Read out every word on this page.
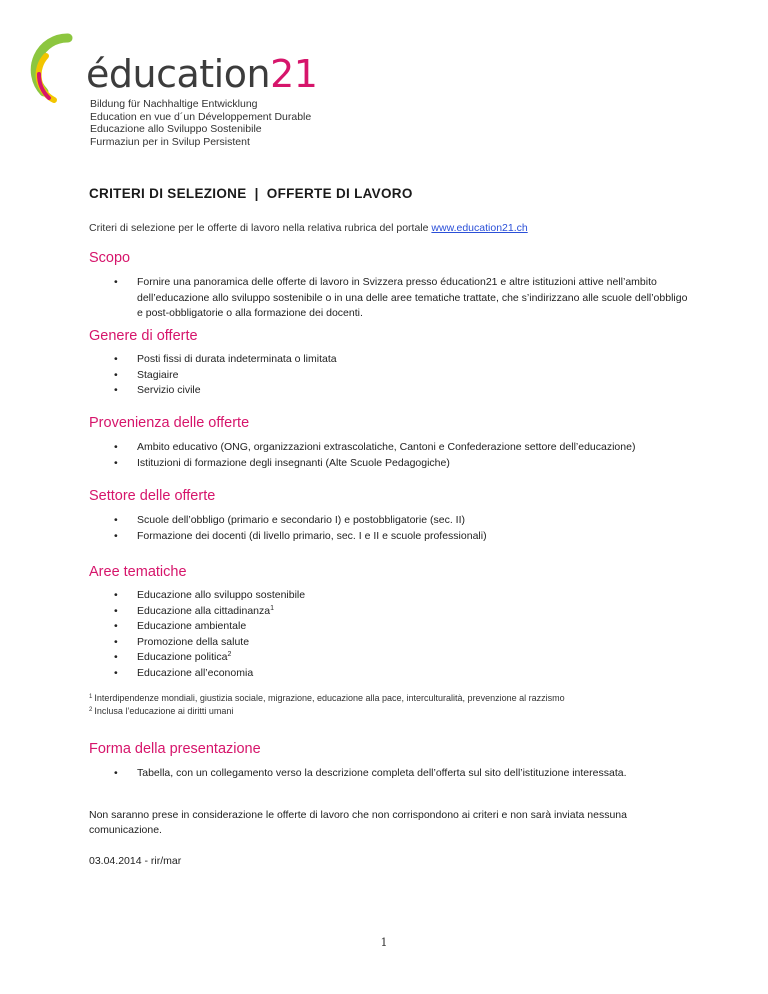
éducation21
Bildung für Nachhaltige Entwicklung
Education en vue d´un Développement Durable
Educazione allo Sviluppo Sostenibile
Furmaziun per in Svilup Persistent
CRITERI DI SELEZIONE  |  OFFERTE DI LAVORO
Criteri di selezione per le offerte di lavoro nella relativa rubrica del portale www.education21.ch
Scopo
• Fornire una panoramica delle offerte di lavoro in Svizzera presso éducation21 e altre istituzioni attive nell’ambito dell’educazione allo sviluppo sostenibile o in una delle aree tematiche trattate, che s’indirizzano alle scuole dell’obbligo e post-obbligatorie o alla formazione dei docenti.
Genere di offerte
• Posti fissi di durata indeterminata o limitata
• Stagiaire
• Servizio civile
Provenienza delle offerte
• Ambito educativo (ONG, organizzazioni extrascolatiche, Cantoni e Confederazione settore dell’educazione)
• Istituzioni di formazione degli insegnanti (Alte Scuole Pedagogiche)
Settore delle offerte
• Scuole dell’obbligo (primario e secondario I) e postobbligatorie (sec. II)
• Formazione dei docenti (di livello primario, sec. I e II e scuole professionali)
Aree tematiche
• Educazione allo sviluppo sostenibile
• Educazione alla cittadinanza$^1$
• Educazione ambientale
• Promozione della salute
• Educazione politica$^2$
• Educazione all’economia
$^1$ Interdipendenze mondiali, giustizia sociale, migrazione, educazione alla pace, interculturalità, prevenzione al razzismo
$^2$ Inclusa l’educazione ai diritti umani
Forma della presentazione
• Tabella, con un collegamento verso la descrizione completa dell’offerta sul sito dell’istituzione interessata.
Non saranno prese in considerazione le offerte di lavoro che non corrispondono ai criteri e non sarà inviata nessuna comunicazione.
03.04.2014 - rir/mar
1
